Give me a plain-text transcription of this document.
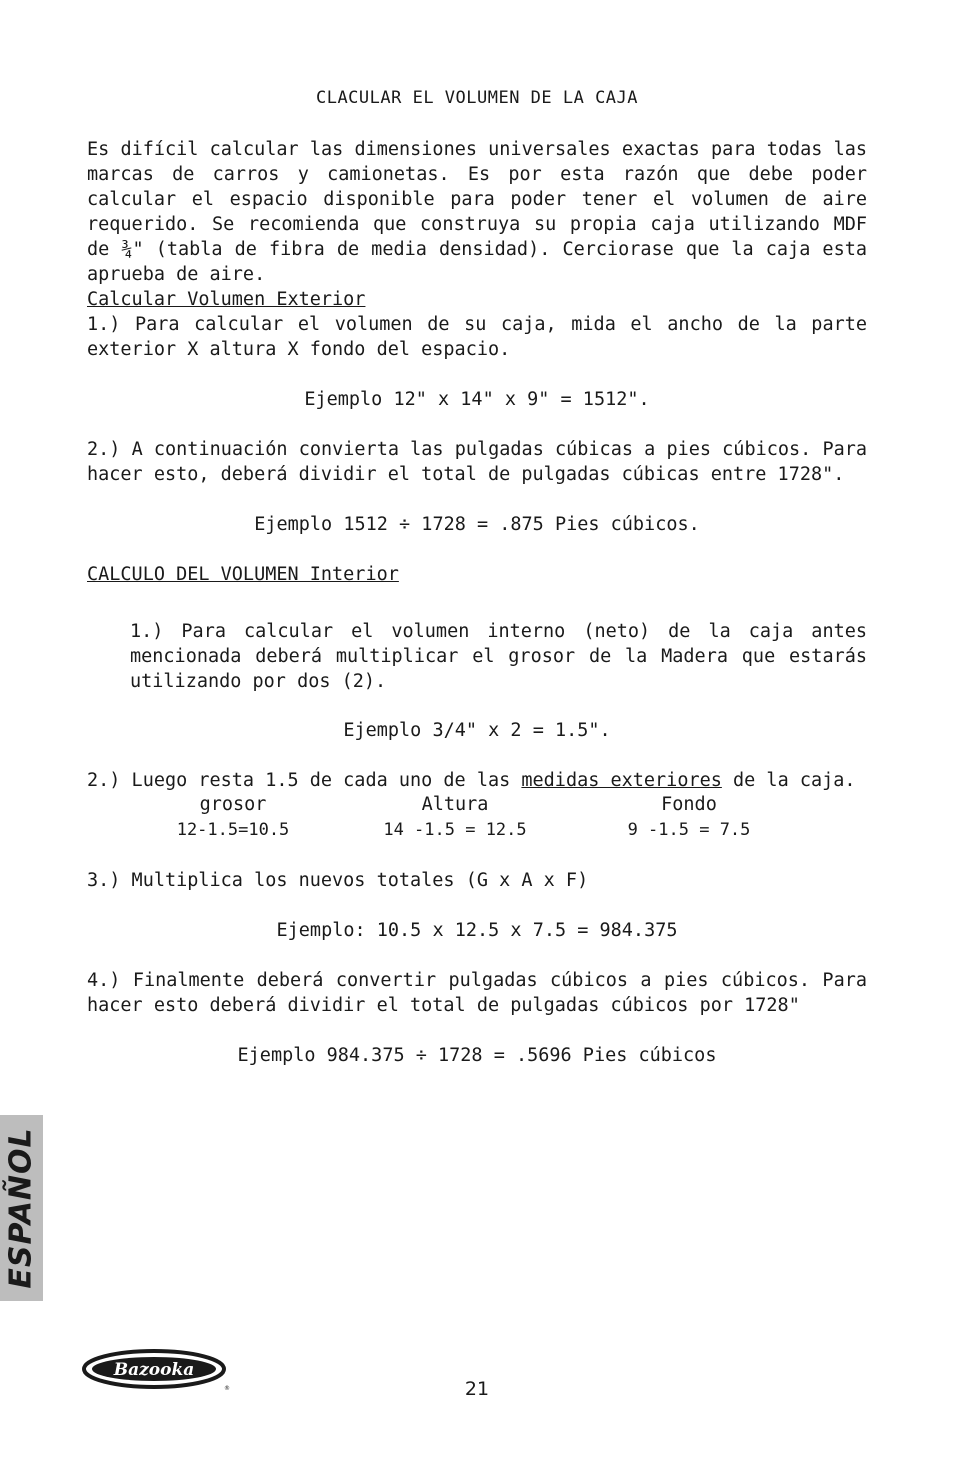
CLACULAR EL VOLUMEN DE LA CAJA

Es difícil calcular las dimensiones universales exactas para todas las marcas de carros y camionetas. Es por esta razón que debe poder calcular el espacio disponible para poder tener el volumen de aire requerido. Se recomienda que construya su propia caja utilizando MDF de ¾" (tabla de fibra de media densidad). Cerciorase que la caja esta aprueba de aire.

Calcular Volumen Exterior

1.) Para calcular el volumen de su caja, mida el ancho de la parte exterior X altura X fondo del espacio.

Ejemplo 12" x 14" x 9" = 1512".

2.) A continuación convierta las pulgadas cúbicas a pies cúbicos. Para hacer esto, deberá dividir el total de pulgadas cúbicas entre 1728".

Ejemplo 1512 ÷ 1728 = .875 Pies cúbicos.
CALCULO DEL VOLUMEN Interior

1.) Para calcular el volumen interno (neto) de la caja antes mencionada deberá multiplicar el grosor de la Madera que estarás utilizando por dos (2).

Ejemplo 3/4" x 2 = 1.5".

2.) Luego resta 1.5 de cada uno de las medidas exteriores de la caja.

grosor	Altura	Fondo
12-1.5=10.5	14 -1.5 = 12.5	9 -1.5 = 7.5

3.) Multiplica los nuevos totales (G x A x F)

Ejemplo: 10.5 x 12.5 x 7.5 = 984.375

4.) Finalmente deberá convertir pulgadas cúbicos a pies cúbicos. Para hacer esto deberá dividir el total de pulgadas cúbicos por 1728"

Ejemplo 984.375 ÷ 1728 = .5696 Pies cúbicos
ESPAÑOL
Bazooka
®	21
